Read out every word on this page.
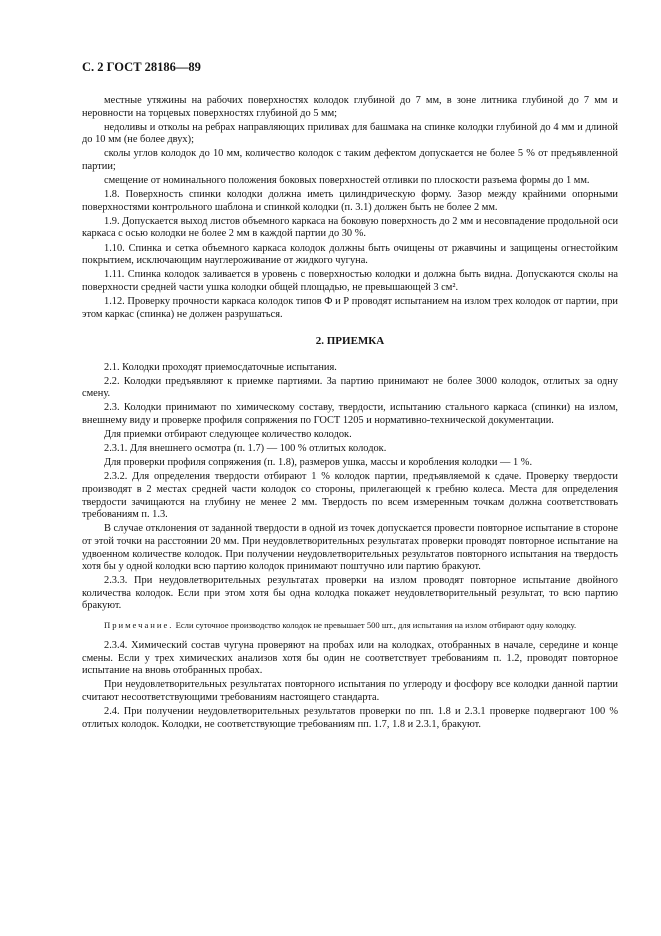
С. 2 ГОСТ 28186—89

местные утяжины на рабочих поверхностях колодок глубиной до 7 мм, в зоне литника глубиной до 7 мм и неровности на торцевых поверхностях глубиной до 5 мм;

недоливы и отколы на ребрах направляющих приливах для башмака на спинке колодки глубиной до 4 мм и длиной до 10 мм (не более двух);

сколы углов колодок до 10 мм, количество колодок с таким дефектом допускается не более 5 % от предъявленной партии;

смещение от номинального положения боковых поверхностей отливки по плоскости разъема формы до 1 мм.

1.8. Поверхность спинки колодки должна иметь цилиндрическую форму. Зазор между крайними опорными поверхностями контрольного шаблона и спинкой колодки (п. 3.1) должен быть не более 2 мм.

1.9. Допускается выход листов объемного каркаса на боковую поверхность до 2 мм и несовпадение продольной оси каркаса с осью колодки не более 2 мм в каждой партии до 30 %.

1.10. Спинка и сетка объемного каркаса колодок должны быть очищены от ржавчины и защищены огнестойким покрытием, исключающим науглероживание от жидкого чугуна.

1.11. Спинка колодок заливается в уровень с поверхностью колодки и должна быть видна. Допускаются сколы на поверхности средней части ушка колодки общей площадью, не превышающей 3 см².

1.12. Проверку прочности каркаса колодок типов Ф и Р проводят испытанием на излом трех колодок от партии, при этом каркас (спинка) не должен разрушаться.

2. ПРИЕМКА

2.1. Колодки проходят приемосдаточные испытания.

2.2. Колодки предъявляют к приемке партиями. За партию принимают не более 3000 колодок, отлитых за одну смену.

2.3. Колодки принимают по химическому составу, твердости, испытанию стального каркаса (спинки) на излом, внешнему виду и проверке профиля сопряжения по ГОСТ 1205 и нормативно-технической документации.

Для приемки отбирают следующее количество колодок.

2.3.1. Для внешнего осмотра (п. 1.7) — 100 % отлитых колодок.

Для проверки профиля сопряжения (п. 1.8), размеров ушка, массы и коробления колодки — 1 %.

2.3.2. Для определения твердости отбирают 1 % колодок партии, предъявляемой к сдаче. Проверку твердости производят в 2 местах средней части колодок со стороны, прилегающей к гребню колеса. Места для определения твердости зачищаются на глубину не менее 2 мм. Твердость по всем измеренным точкам должна соответствовать требованиям п. 1.3.

В случае отклонения от заданной твердости в одной из точек допускается провести повторное испытание в стороне от этой точки на расстоянии 20 мм. При неудовлетворительных результатах проверки проводят повторное испытание на удвоенном количестве колодок. При получении неудовлетворительных результатов повторного испытания на твердость хотя бы у одной колодки всю партию колодок принимают поштучно или партию бракуют.

2.3.3. При неудовлетворительных результатах проверки на излом проводят повторное испытание двойного количества колодок. Если при этом хотя бы одна колодка покажет неудовлетворительный результат, то всю партию бракуют.

Примечание. Если суточное производство колодок не превышает 500 шт., для испытания на излом отбирают одну колодку.

2.3.4. Химический состав чугуна проверяют на пробах или на колодках, отобранных в начале, середине и конце смены. Если у трех химических анализов хотя бы один не соответствует требованиям п. 1.2, проводят повторное испытание на вновь отобранных пробах.

При неудовлетворительных результатах повторного испытания по углероду и фосфору все колодки данной партии считают несоответствующими требованиям настоящего стандарта.

2.4. При получении неудовлетворительных результатов проверки по пп. 1.8 и 2.3.1 проверке подвергают 100 % отлитых колодок. Колодки, не соответствующие требованиям пп. 1.7, 1.8 и 2.3.1, бракуют.
